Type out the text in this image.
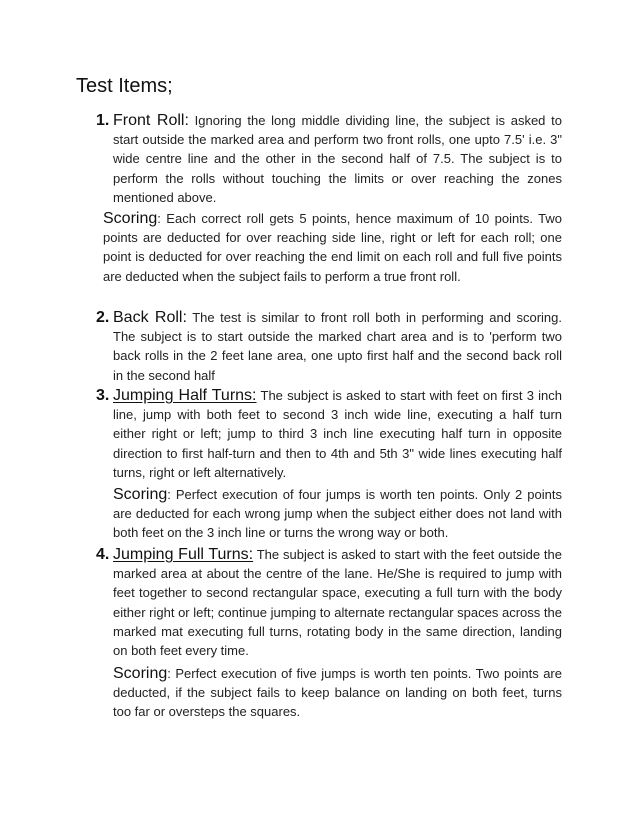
Test Items;
1. Front Roll: Ignoring the long middle dividing line, the subject is asked to start outside the marked area and perform two front rolls, one upto 7.5' i.e. 3" wide centre line and the other in the second half of 7.5. The subject is to perform the rolls without touching the limits or over reaching the zones mentioned above.

Scoring: Each correct roll gets 5 points, hence maximum of 10 points. Two points are deducted for over reaching side line, right or left for each roll; one point is deducted for over reaching the end limit on each roll and full five points are deducted when the subject fails to perform a true front roll.

2. Back Roll: The test is similar to front roll both in performing and scoring. The subject is to start outside the marked chart area and is to 'perform two back rolls in the 2 feet lane area, one upto first half and the second back roll in the second half

3. Jumping Half Turns: The subject is asked to start with feet on first 3 inch line, jump with both feet to second 3 inch wide line, executing a half turn either right or left; jump to third 3 inch line executing half turn in opposite direction to first half-turn and then to 4th and 5th 3" wide lines executing half turns, right or left alternatively.

Scoring: Perfect execution of four jumps is worth ten points. Only 2 points are deducted for each wrong jump when the subject either does not land with both feet on the 3 inch line or turns the wrong way or both.

4. Jumping Full Turns: The subject is asked to start with the feet outside the marked area at about the centre of the lane. He/She is required to jump with feet together to second rectangular space, executing a full turn with the body either right or left; continue jumping to alternate rectangular spaces across the marked mat executing full turns, rotating body in the same direction, landing on both feet every time.

Scoring: Perfect execution of five jumps is worth ten points. Two points are deducted, if the subject fails to keep balance on landing on both feet, turns too far or oversteps the squares.
